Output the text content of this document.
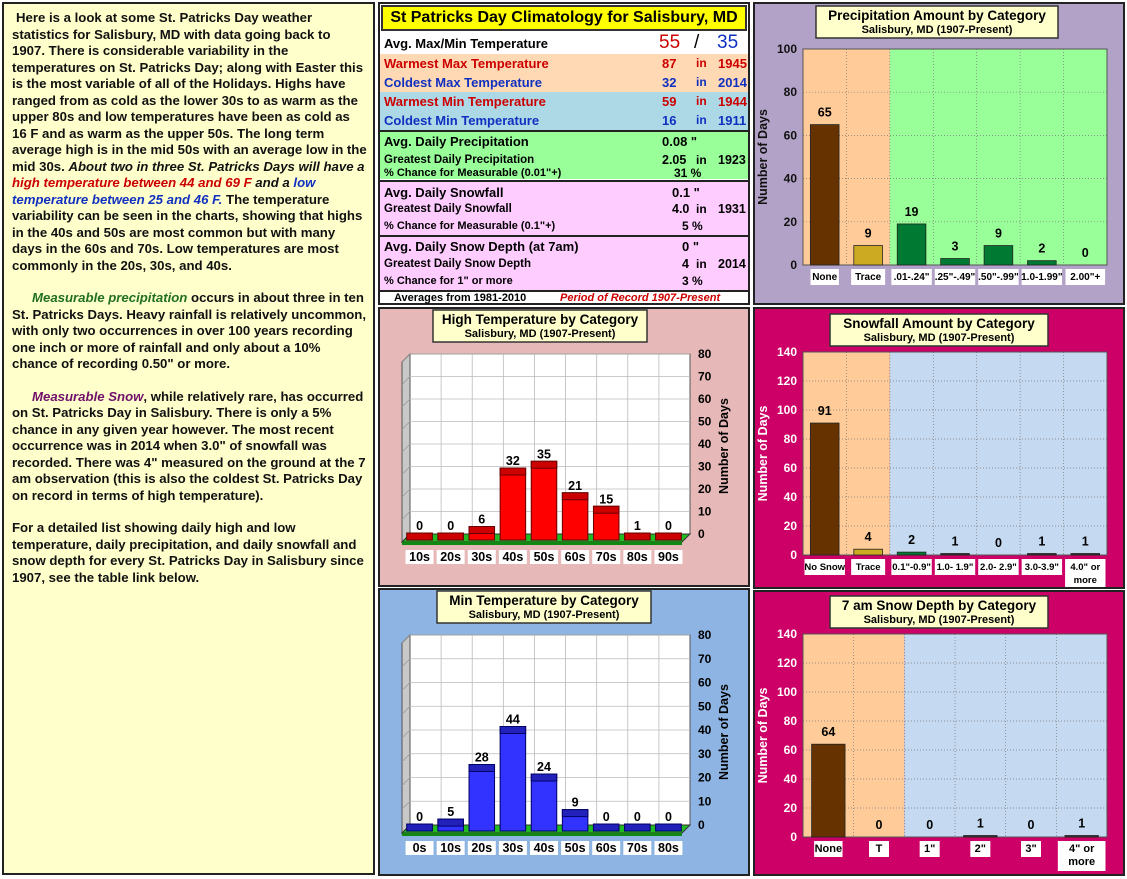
Here is a look at some St. Patricks Day weather statistics for Salisbury, MD with data going back to 1907. There is considerable variability in the temperatures on St. Patricks Day; along with Easter this is the most variable of all of the Holidays. Highs have ranged from as cold as the lower 30s to as warm as the upper 80s and low temperatures have been as cold as 16 F and as warm as the upper 50s. The long term average high is in the mid 50s with an average low in the mid 30s. About two in three St. Patricks Days will have a high temperature between 44 and 69 F and a low temperature between 25 and 46 F. The temperature variability can be seen in the charts, showing that highs in the 40s and 50s are most common but with many days in the 60s and 70s. Low temperatures are most commonly in the 20s, 30s, and 40s.

Measurable precipitation occurs in about three in ten St. Patricks Days. Heavy rainfall is relatively uncommon, with only two occurrences in over 100 years recording one inch or more of rainfall and only about a 10% chance of recording 0.50" or more.

Measurable Snow, while relatively rare, has occurred on St. Patricks Day in Salisbury. There is only a 5% chance in any given year however. The most recent occurrence was in 2014 when 3.0" of snowfall was recorded. There was 4" measured on the ground at the 7 am observation (this is also the coldest St. Patricks Day on record in terms of high temperature).

For a detailed list showing daily high and low temperature, daily precipitation, and daily snowfall and snow depth for every St. Patricks Day in Salisbury since 1907, see the table link below.

St Patricks Day Climatology for Salisbury, MD
Avg. Max/Min Temperature	55 / 35
Warmest Max Temperature	87 in 1945
Coldest Max Temperature	32 in 2014
Warmest Min Temperature	59 in 1944
Coldest Min Temperature	16 in 1911
Avg. Daily Precipitation	0.08 "
Greatest Daily Precipitation	2.05 in 1923
% Chance for Measurable (0.01"+)	31 %
Avg. Daily Snowfall	0.1 "
Greatest Daily Snowfall	4.0 in 1931
% Chance for Measurable (0.1"+)	5 %
Avg. Daily Snow Depth (at 7am)	0 "
Greatest Daily Snow Depth	4 in 2014
% Chance for 1" or more	3 %
Averages from 1981-2010	Period of Record 1907-Present
Precipitation Amount by Category
Salisbury, MD (1907-Present)
0
20
40
60
80
100
Number of Days	65
None
9
Trace
19
.01-.24"
3
.25"-.49"
9
.50"-.99"
2
1.0-1.99"
0
2.00"+
High Temperature by Category
Salisbury, MD (1907-Present)
0
10
20
30
40
50
60
70
80
Number of Days
0 0 6
32 35
21
15
1 0
10s 20s 30s 40s 50s 60s 70s 80s 90s
Min Temperature by Category
Salisbury, MD (1907-Present)
0
10
20
30
40
50
60
70
80
Number of Days
0 5
28
44
24
9
0 0 0
0s 10s 20s 30s 40s 50s 60s 70s 80s
Snowfall Amount by Category
Salisbury, MD (1907-Present)
0
20
40
60
80
100
120
140
Number of Days	91
No Snow
4
Trace
2
0.1"-0.9"
1
1.0- 1.9"
0
2.0- 2.9"
1
3.0-3.9"
1
4.0" or
more
7 am Snow Depth by Category
Salisbury, MD (1907-Present)
0
20
40
60
80
100
120
140
Number of Days	64
None
0
T
0
1"
1
2"
0
3"
1
4" or
more
